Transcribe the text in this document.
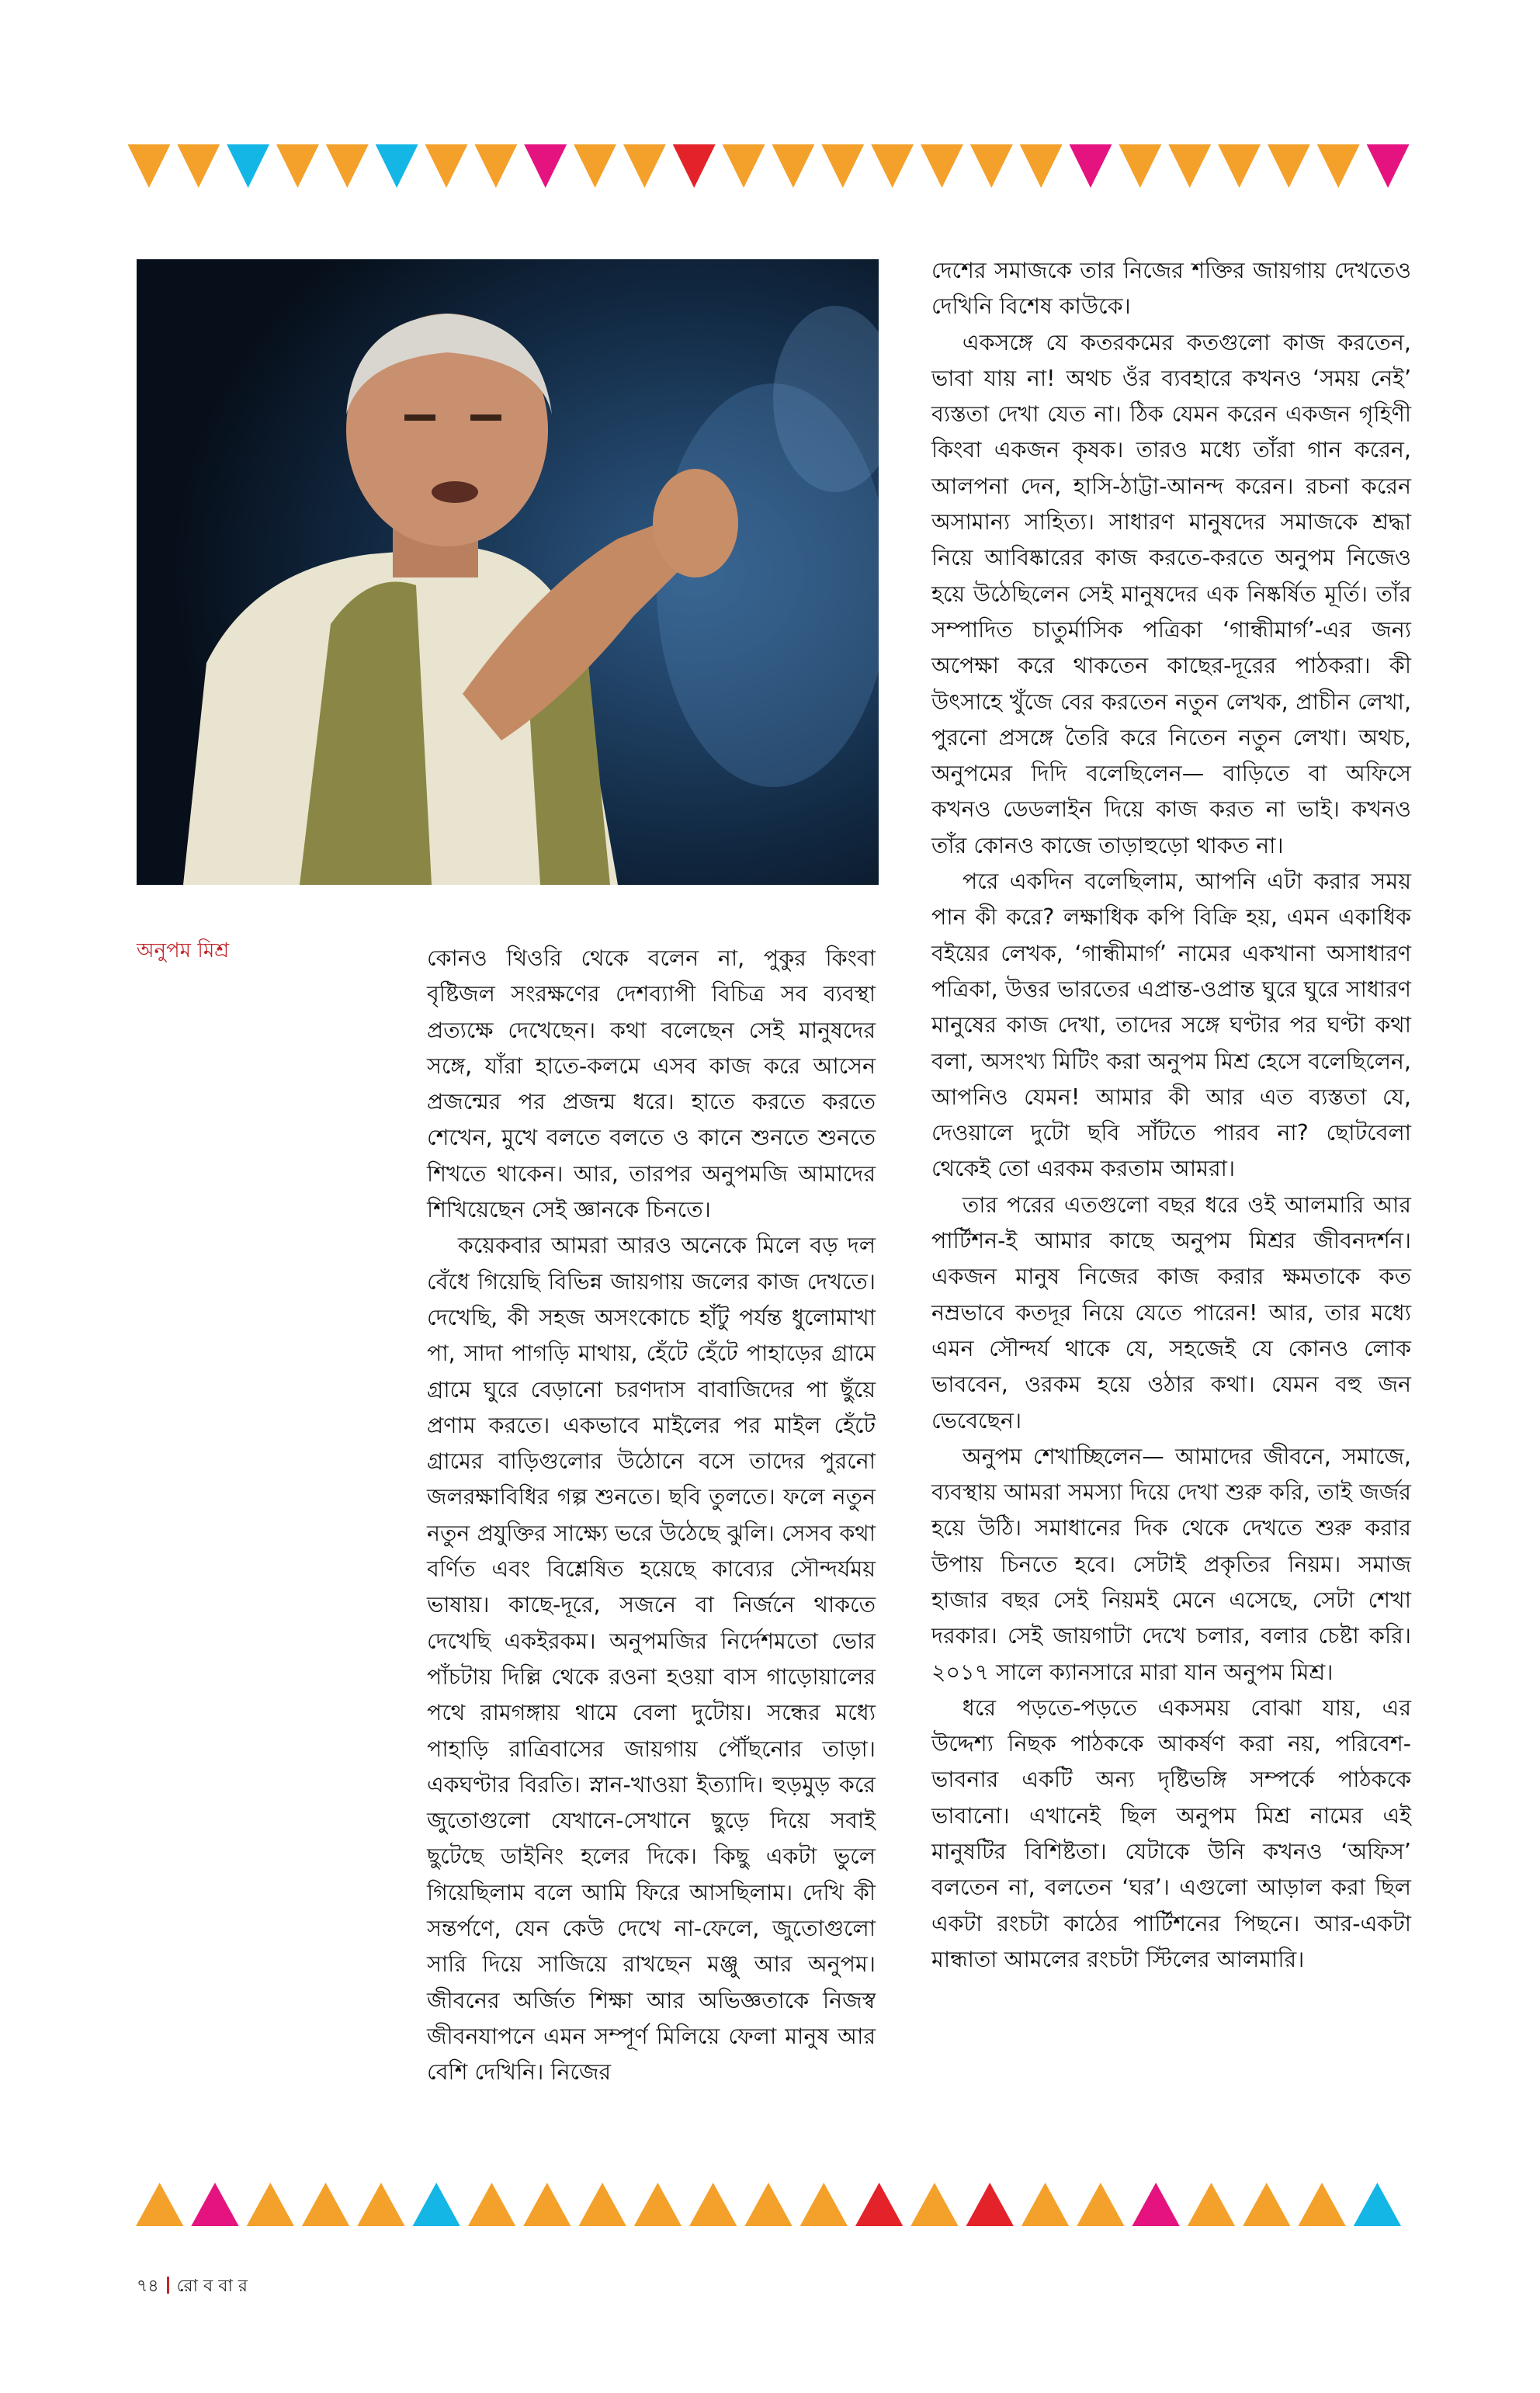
অনুপম মিশ্র	কোনও থিওরি থেকে বলেন না, পুকুর কিংবা বৃষ্টিজল সংরক্ষণের দেশব্যাপী বিচিত্র সব ব্যবস্থা প্রত্যক্ষে দেখেছেন। কথা বলেছেন সেই মানুষদের সঙ্গে, যাঁরা হাতে-কলমে এসব কাজ করে আসেন প্রজন্মের পর প্রজন্ম ধরে। হাতে করতে করতে শেখেন, মুখে বলতে বলতে ও কানে শুনতে শুনতে শিখতে থাকেন। আর, তারপর অনুপমজি আমাদের শিখিয়েছেন সেই জ্ঞানকে চিনতে।

কয়েকবার আমরা আরও অনেকে মিলে বড় দল বেঁধে গিয়েছি বিভিন্ন জায়গায় জলের কাজ দেখতে। দেখেছি, কী সহজ অসংকোচে হাঁটু পর্যন্ত ধুলোমাখা পা, সাদা পাগড়ি মাথায়, হেঁটে হেঁটে পাহাড়ের গ্রামে গ্রামে ঘুরে বেড়ানো চরণদাস বাবাজিদের পা ছুঁয়ে প্রণাম করতে। একভাবে মাইলের পর মাইল হেঁটে গ্রামের বাড়িগুলোর উঠোনে বসে তাদের পুরনো জলরক্ষাবিধির গল্প শুনতে। ছবি তুলতে। ফলে নতুন নতুন প্রযুক্তির সাক্ষ্যে ভরে উঠেছে ঝুলি। সেসব কথা বর্ণিত এবং বিশ্লেষিত হয়েছে কাব্যের সৌন্দর্যময় ভাষায়। কাছে-দূরে, সজনে বা নির্জনে থাকতে দেখেছি একইরকম। অনুপমজির নির্দেশমতো ভোর পাঁচটায় দিল্লি থেকে রওনা হওয়া বাস গাড়োয়ালের পথে রামগঙ্গায় থামে বেলা দুটোয়। সন্ধের মধ্যে পাহাড়ি রাত্রিবাসের জায়গায় পৌঁছনোর তাড়া। একঘণ্টার বিরতি। স্নান-খাওয়া ইত্যাদি। হুড়মুড় করে জুতোগুলো যেখানে-সেখানে ছুড়ে দিয়ে সবাই ছুটেছে ডাইনিং হলের দিকে। কিছু একটা ভুলে গিয়েছিলাম বলে আমি ফিরে আসছিলাম। দেখি কী সন্তর্পণে, যেন কেউ দেখে না-ফেলে, জুতোগুলো সারি দিয়ে সাজিয়ে রাখছেন মঞ্জু আর অনুপম। জীবনের অর্জিত শিক্ষা আর অভিজ্ঞতাকে নিজস্ব জীবনযাপনে এমন সম্পূর্ণ মিলিয়ে ফেলা মানুষ আর বেশি দেখিনি। নিজের

দেশের সমাজকে তার নিজের শক্তির জায়গায় দেখতেও দেখিনি বিশেষ কাউকে।

একসঙ্গে যে কতরকমের কতগুলো কাজ করতেন, ভাবা যায় না! অথচ ওঁর ব্যবহারে কখনও ‘সময় নেই’ ব্যস্ততা দেখা যেত না। ঠিক যেমন করেন একজন গৃহিণী কিংবা একজন কৃষক। তারও মধ্যে তাঁরা গান করেন, আলপনা দেন, হাসি-ঠাট্টা-আনন্দ করেন। রচনা করেন অসামান্য সাহিত্য। সাধারণ মানুষদের সমাজকে শ্রদ্ধা নিয়ে আবিষ্কারের কাজ করতে-করতে অনুপম নিজেও হয়ে উঠেছিলেন সেই মানুষদের এক নিষ্কর্ষিত মূর্তি। তাঁর সম্পাদিত চাতুর্মাসিক পত্রিকা ‘গান্ধীমার্গ’-এর জন্য অপেক্ষা করে থাকতেন কাছের-দূরের পাঠকরা। কী উৎসাহে খুঁজে বের করতেন নতুন লেখক, প্রাচীন লেখা, পুরনো প্রসঙ্গে তৈরি করে নিতেন নতুন লেখা। অথচ, অনুপমের দিদি বলেছিলেন— বাড়িতে বা অফিসে কখনও ডেডলাইন দিয়ে কাজ করত না ভাই। কখনও তাঁর কোনও কাজে তাড়াহুড়ো থাকত না।

পরে একদিন বলেছিলাম, আপনি এটা করার সময় পান কী করে? লক্ষাধিক কপি বিক্রি হয়, এমন একাধিক বইয়ের লেখক, ‘গান্ধীমার্গ’ নামের একখানা অসাধারণ পত্রিকা, উত্তর ভারতের এপ্রান্ত-ওপ্রান্ত ঘুরে ঘুরে সাধারণ মানুষের কাজ দেখা, তাদের সঙ্গে ঘণ্টার পর ঘণ্টা কথা বলা, অসংখ্য মিটিং করা অনুপম মিশ্র হেসে বলেছিলেন, আপনিও যেমন! আমার কী আর এত ব্যস্ততা যে, দেওয়ালে দুটো ছবি সাঁটতে পারব না? ছোটবেলা থেকেই তো এরকম করতাম আমরা।

তার পরের এতগুলো বছর ধরে ওই আলমারি আর পার্টিশন-ই আমার কাছে অনুপম মিশ্রর জীবনদর্শন। একজন মানুষ নিজের কাজ করার ক্ষমতাকে কত নম্রভাবে কতদূর নিয়ে যেতে পারেন! আর, তার মধ্যে এমন সৌন্দর্য থাকে যে, সহজেই যে কোনও লোক ভাববেন, ওরকম হয়ে ওঠার কথা। যেমন বহু জন ভেবেছেন।

অনুপম শেখাচ্ছিলেন— আমাদের জীবনে, সমাজে, ব্যবস্থায় আমরা সমস্যা দিয়ে দেখা শুরু করি, তাই জর্জর হয়ে উঠি। সমাধানের দিক থেকে দেখতে শুরু করার উপায় চিনতে হবে। সেটাই প্রকৃতির নিয়ম। সমাজ হাজার বছর সেই নিয়মই মেনে এসেছে, সেটা শেখা দরকার। সেই জায়গাটা দেখে চলার, বলার চেষ্টা করি। ২০১৭ সালে ক্যানসারে মারা যান অনুপম মিশ্র।

ধরে পড়তে-পড়তে একসময় বোঝা যায়, এর উদ্দেশ্য নিছক পাঠককে আকর্ষণ করা নয়, পরিবেশ-ভাবনার একটি অন্য দৃষ্টিভঙ্গি সম্পর্কে পাঠককে ভাবানো। এখানেই ছিল অনুপম মিশ্র নামের এই মানুষটির বিশিষ্টতা। যেটাকে উনি কখনও ‘অফিস’ বলতেন না, বলতেন ‘ঘর’। এগুলো আড়াল করা ছিল একটা রংচটা কাঠের পার্টিশনের পিছনে। আর-একটা মান্ধাতা আমলের রংচটা স্টিলের আলমারি।

৭৪ রো ব বা র
